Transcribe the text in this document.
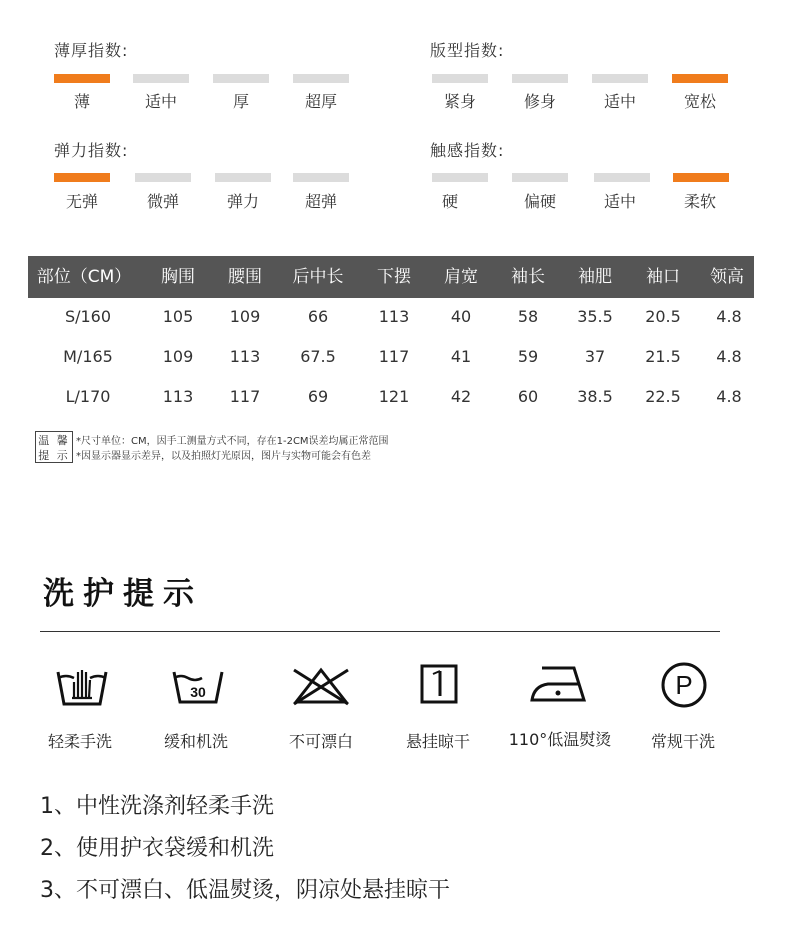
薄厚指数:
薄	适中	厚	超厚
版型指数:
紧身	修身	适中	宽松
弹力指数:
无弹	微弹	弹力	超弹
触感指数:
硬	偏硬	适中	柔软
部位（CM）	胸围	腰围	后中长	下摆	肩宽	袖长	袖肥	袖口	领高
S/160	105	109	66	113	40	58	35.5	20.5	4.8
M/165	109	113	67.5	117	41	59	37	21.5	4.8
L/170	113	117	69	121	42	60	38.5	22.5	4.8
温 馨
提 示
*尺寸单位：CM，因手工测量方式不同，存在1-2CM误差均属正常范围
*因显示器显示差异，以及拍照灯光原因，图片与实物可能会有色差
洗护提示
30	P
轻柔手洗	缓和机洗	不可漂白	悬挂晾干	110°低温熨烫	常规干洗
1、中性洗涤剂轻柔手洗
2、使用护衣袋缓和机洗
3、不可漂白、低温熨烫，阴凉处悬挂晾干
